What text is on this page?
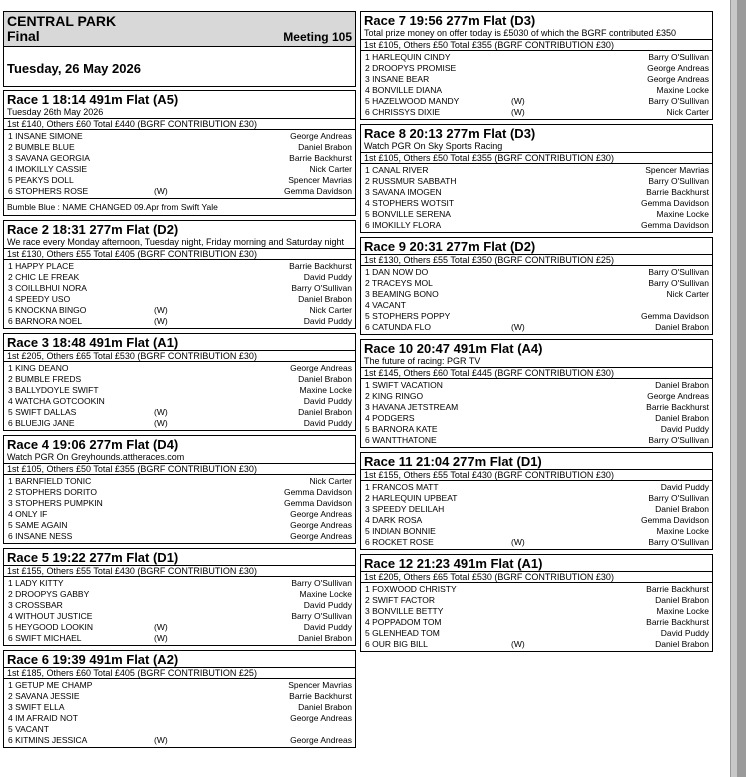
CENTRAL PARK
Final	Meeting 105
Tuesday, 26 May 2026
Race 1 18:14 491m Flat (A5)
Tuesday 26th May 2026
1st £140, Others £60 Total £440 (BGRF CONTRIBUTION £30)
1 INSANE SIMONE	George Andreas
2 BUMBLE BLUE	Daniel Brabon
3 SAVANA GEORGIA	Barrie Backhurst
4 IMOKILLY CASSIE	Nick Carter
5 PEAKYS DOLL	Spencer Mavrias
6 STOPHERS ROSE	(W)	Gemma Davidson
Bumble Blue : NAME CHANGED 09.Apr from Swift Yale
Race 2 18:31 277m Flat (D2)
We race every Monday afternoon, Tuesday night, Friday morning and Saturday night
1st £130, Others £55 Total £405 (BGRF CONTRIBUTION £30)
1 HAPPY PLACE	Barrie Backhurst
2 CHIC LE FREAK	David Puddy
3 COILLBHUI NORA	Barry O'Sullivan
4 SPEEDY USO	Daniel Brabon
5 KNOCKNA BINGO	(W)	Nick Carter
6 BARNORA NOEL	(W)	David Puddy
Race 3 18:48 491m Flat (A1)
1st £205, Others £65 Total £530 (BGRF CONTRIBUTION £30)
1 KING DEANO	George Andreas
2 BUMBLE FREDS	Daniel Brabon
3 BALLYDOYLE SWIFT	Maxine Locke
4 WATCHA GOTCOOKIN	David Puddy
5 SWIFT DALLAS	(W)	Daniel Brabon
6 BLUEJIG JANE	(W)	David Puddy
Race 4 19:06 277m Flat (D4)
Watch PGR On Greyhounds.attheraces.com
1st £105, Others £50 Total £355 (BGRF CONTRIBUTION £30)
1 BARNFIELD TONIC	Nick Carter
2 STOPHERS DORITO	Gemma Davidson
3 STOPHERS PUMPKIN	Gemma Davidson
4 ONLY IF	George Andreas
5 SAME AGAIN	George Andreas
6 INSANE NESS	George Andreas
Race 5 19:22 277m Flat (D1)
1st £155, Others £55 Total £430 (BGRF CONTRIBUTION £30)
1 LADY KITTY	Barry O'Sullivan
2 DROOPYS GABBY	Maxine Locke
3 CROSSBAR	David Puddy
4 WITHOUT JUSTICE	Barry O'Sullivan
5 HEYGOOD LOOKIN	(W)	David Puddy
6 SWIFT MICHAEL	(W)	Daniel Brabon
Race 6 19:39 491m Flat (A2)
1st £185, Others £60 Total £405 (BGRF CONTRIBUTION £25)
1 GETUP ME CHAMP	Spencer Mavrias
2 SAVANA JESSIE	Barrie Backhurst
3 SWIFT ELLA	Daniel Brabon
4 IM AFRAID NOT	George Andreas
5 VACANT
6 KITMINS JESSICA	(W)	George Andreas
Race 7 19:56 277m Flat (D3)
Total prize money on offer today is £5030 of which the BGRF contributed £350
1st £105, Others £50 Total £355 (BGRF CONTRIBUTION £30)
1 HARLEQUIN CINDY	Barry O'Sullivan
2 DROOPYS PROMISE	George Andreas
3 INSANE BEAR	George Andreas
4 BONVILLE DIANA	Maxine Locke
5 HAZELWOOD MANDY	(W)	Barry O'Sullivan
6 CHRISSYS DIXIE	(W)	Nick Carter
Race 8 20:13 277m Flat (D3)
Watch PGR On Sky Sports Racing
1st £105, Others £50 Total £355 (BGRF CONTRIBUTION £30)
1 CANAL RIVER	Spencer Mavrias
2 RUSSMUR SABBATH	Barry O'Sullivan
3 SAVANA IMOGEN	Barrie Backhurst
4 STOPHERS WOTSIT	Gemma Davidson
5 BONVILLE SERENA	Maxine Locke
6 IMOKILLY FLORA	Gemma Davidson
Race 9 20:31 277m Flat (D2)
1st £130, Others £55 Total £350 (BGRF CONTRIBUTION £25)
1 DAN NOW DO	Barry O'Sullivan
2 TRACEYS MOL	Barry O'Sullivan
3 BEAMING BONO	Nick Carter
4 VACANT
5 STOPHERS POPPY	Gemma Davidson
6 CATUNDA FLO	(W)	Daniel Brabon
Race 10 20:47 491m Flat (A4)
The future of racing: PGR TV
1st £145, Others £60 Total £445 (BGRF CONTRIBUTION £30)
1 SWIFT VACATION	Daniel Brabon
2 KING RINGO	George Andreas
3 HAVANA JETSTREAM	Barrie Backhurst
4 PODGERS	Daniel Brabon
5 BARNORA KATE	David Puddy
6 WANTTHATONE	Barry O'Sullivan
Race 11 21:04 277m Flat (D1)
1st £155, Others £55 Total £430 (BGRF CONTRIBUTION £30)
1 FRANCOS MATT	David Puddy
2 HARLEQUIN UPBEAT	Barry O'Sullivan
3 SPEEDY DELILAH	Daniel Brabon
4 DARK ROSA	Gemma Davidson
5 INDIAN BONNIE	Maxine Locke
6 ROCKET ROSE	(W)	Barry O'Sullivan
Race 12 21:23 491m Flat (A1)
1st £205, Others £65 Total £530 (BGRF CONTRIBUTION £30)
1 FOXWOOD CHRISTY	Barrie Backhurst
2 SWIFT FACTOR	Daniel Brabon
3 BONVILLE BETTY	Maxine Locke
4 POPPADOM TOM	Barrie Backhurst
5 GLENHEAD TOM	David Puddy
6 OUR BIG BILL	(W)	Daniel Brabon
